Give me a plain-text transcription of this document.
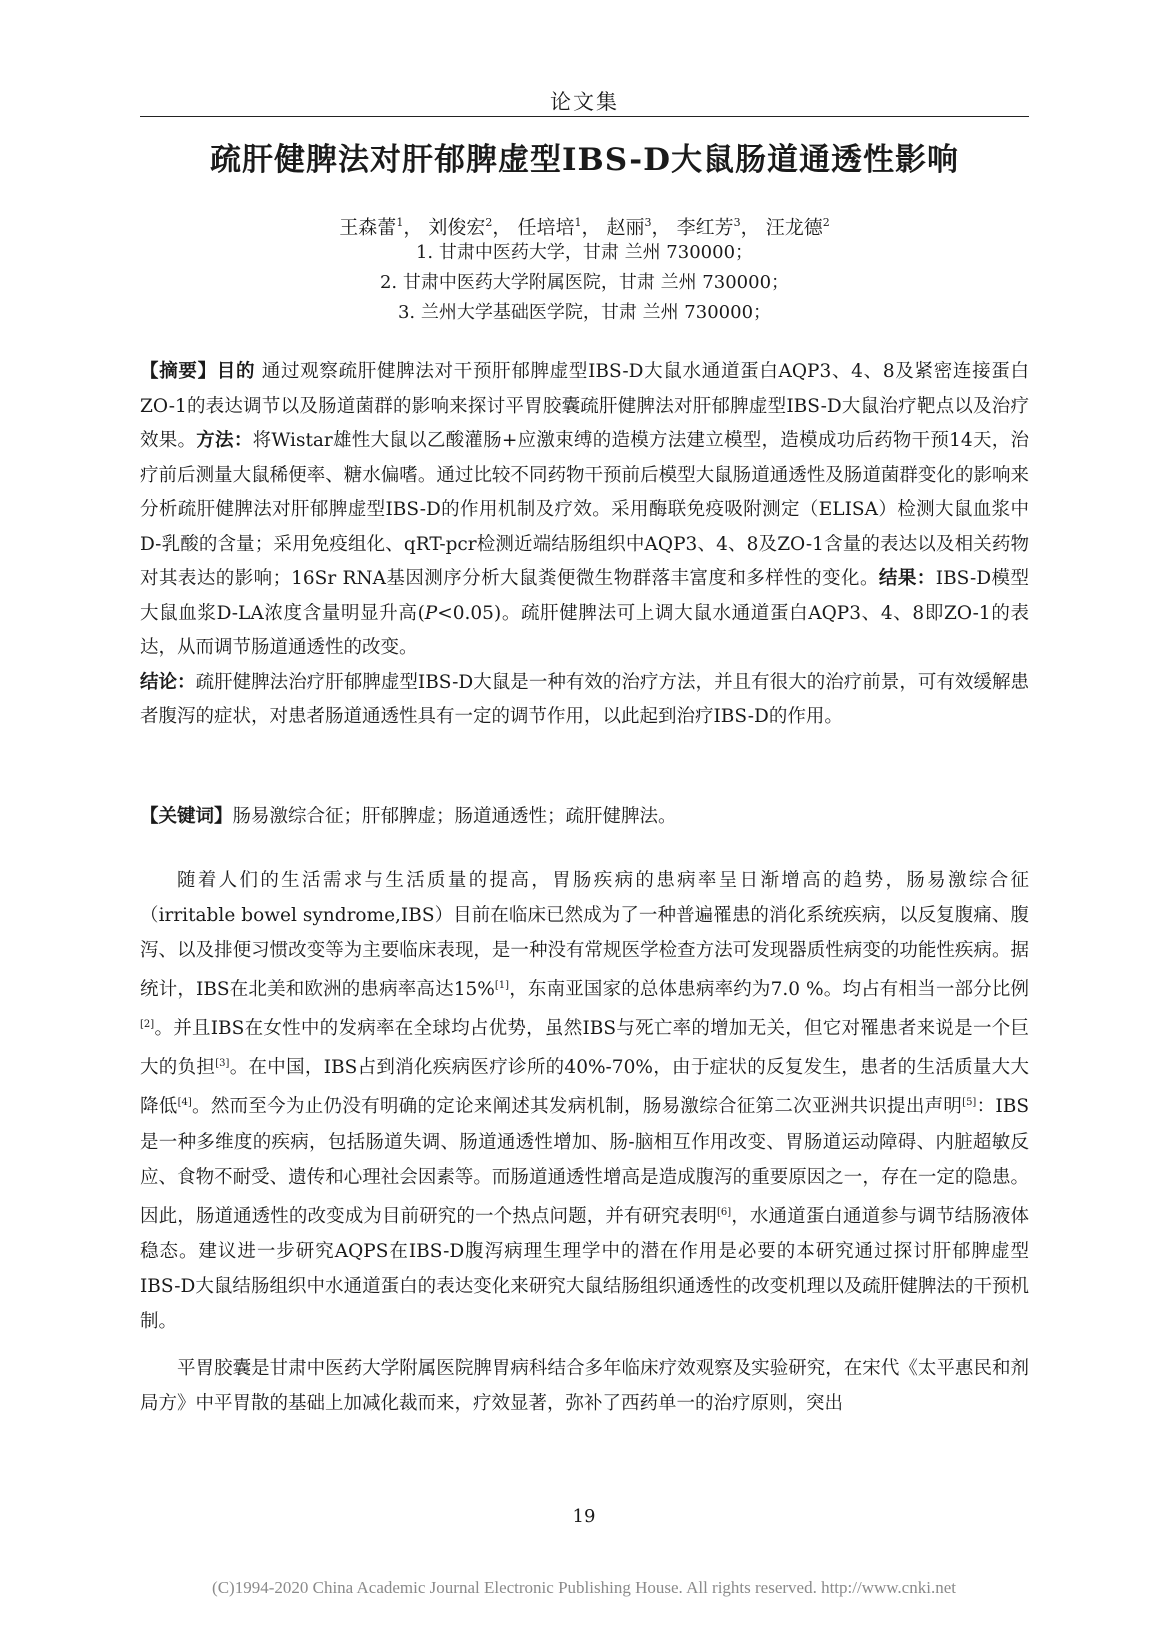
论文集
疏肝健脾法对肝郁脾虚型IBS-D大鼠肠道通透性影响
王森蕾$^1$， 刘俊宏$^2$， 任培培$^1$， 赵丽$^3$， 李红芳$^3$， 汪龙德$^2$
1. 甘肃中医药大学，甘肃 兰州 730000；
2. 甘肃中医药大学附属医院，甘肃 兰州 730000；
3. 兰州大学基础医学院，甘肃 兰州 730000；

【摘要】目的 通过观察疏肝健脾法对干预肝郁脾虚型IBS-D大鼠水通道蛋白AQP3、4、8及紧密连接蛋白ZO-1的表达调节以及肠道菌群的影响来探讨平胃胶囊疏肝健脾法对肝郁脾虚型IBS-D大鼠治疗靶点以及治疗效果。方法：将Wistar雄性大鼠以乙酸灌肠+应激束缚的造模方法建立模型，造模成功后药物干预14天，治疗前后测量大鼠稀便率、糖水偏嗜。通过比较不同药物干预前后模型大鼠肠道通透性及肠道菌群变化的影响来分析疏肝健脾法对肝郁脾虚型IBS-D的作用机制及疗效。采用酶联免疫吸附测定（ELISA）检测大鼠血浆中D-乳酸的含量；采用免疫组化、qRT-pcr检测近端结肠组织中AQP3、4、8及ZO-1含量的表达以及相关药物对其表达的影响；16Sr RNA基因测序分析大鼠粪便微生物群落丰富度和多样性的变化。结果：IBS-D模型大鼠血浆D-LA浓度含量明显升高(P<0.05)。疏肝健脾法可上调大鼠水通道蛋白AQP3、4、8即ZO-1的表达，从而调节肠道通透性的改变。
结论：疏肝健脾法治疗肝郁脾虚型IBS-D大鼠是一种有效的治疗方法，并且有很大的治疗前景，可有效缓解患者腹泻的症状，对患者肠道通透性具有一定的调节作用，以此起到治疗IBS-D的作用。

【关键词】肠易激综合征；肝郁脾虚；肠道通透性；疏肝健脾法。

随着人们的生活需求与生活质量的提高，胃肠疾病的患病率呈日渐增高的趋势，肠易激综合征（irritable bowel syndrome,IBS）目前在临床已然成为了一种普遍罹患的消化系统疾病，以反复腹痛、腹泻、以及排便习惯改变等为主要临床表现，是一种没有常规医学检查方法可发现器质性病变的功能性疾病。据统计，IBS在北美和欧洲的患病率高达15%[1]，东南亚国家的总体患病率约为7.0 %。均占有相当一部分比例[2]。并且IBS在女性中的发病率在全球均占优势，虽然IBS与死亡率的增加无关，但它对罹患者来说是一个巨大的负担[3]。在中国，IBS占到消化疾病医疗诊所的40%-70%，由于症状的反复发生，患者的生活质量大大降低[4]。然而至今为止仍没有明确的定论来阐述其发病机制，肠易激综合征第二次亚洲共识提出声明[5]：IBS是一种多维度的疾病，包括肠道失调、肠道通透性增加、肠-脑相互作用改变、胃肠道运动障碍、内脏超敏反应、食物不耐受、遗传和心理社会因素等。而肠道通透性增高是造成腹泻的重要原因之一，存在一定的隐患。因此，肠道通透性的改变成为目前研究的一个热点问题，并有研究表明[6]，水通道蛋白通道参与调节结肠液体稳态。建议进一步研究AQPS在IBS-D腹泻病理生理学中的潜在作用是必要的本研究通过探讨肝郁脾虚型IBS-D大鼠结肠组织中水通道蛋白的表达变化来研究大鼠结肠组织通透性的改变机理以及疏肝健脾法的干预机制。

平胃胶囊是甘肃中医药大学附属医院脾胃病科结合多年临床疗效观察及实验研究，在宋代《太平惠民和剂局方》中平胃散的基础上加减化裁而来，疗效显著，弥补了西药单一的治疗原则，突出

19
(C)1994-2020 China Academic Journal Electronic Publishing House. All rights reserved. http://www.cnki.net
